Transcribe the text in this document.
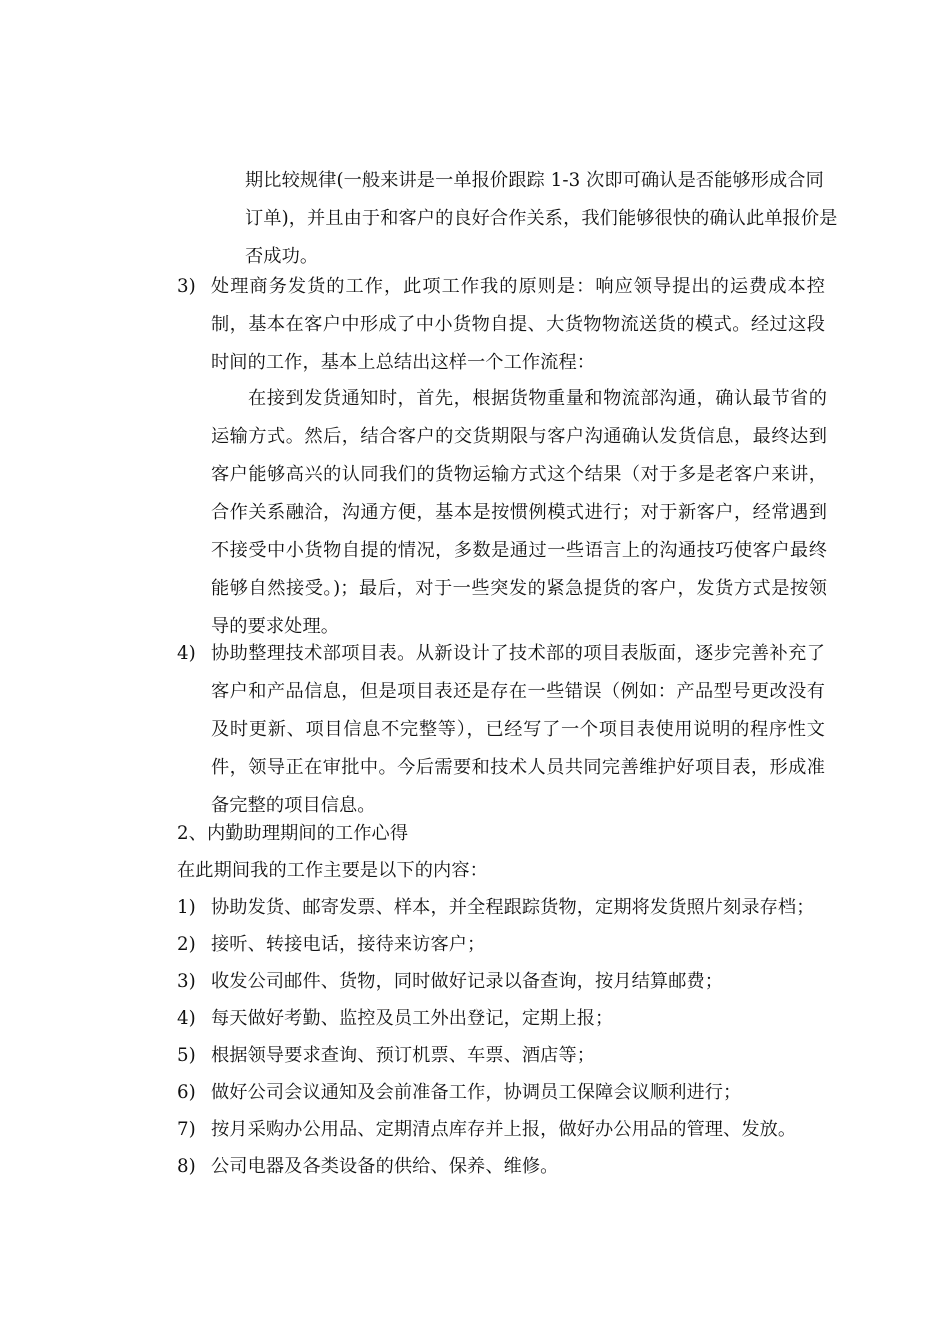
期比较规律(一般来讲是一单报价跟踪 1-3 次即可确认是否能够形成合同订单)，并且由于和客户的良好合作关系，我们能够很快的确认此单报价是否成功。
3) 处理商务发货的工作，此项工作我的原则是：响应领导提出的运费成本控制，基本在客户中形成了中小货物自提、大货物物流送货的模式。经过这段时间的工作，基本上总结出这样一个工作流程：
在接到发货通知时，首先，根据货物重量和物流部沟通，确认最节省的运输方式。然后，结合客户的交货期限与客户沟通确认发货信息，最终达到客户能够高兴的认同我们的货物运输方式这个结果（对于多是老客户来讲，合作关系融洽，沟通方便，基本是按惯例模式进行；对于新客户，经常遇到不接受中小货物自提的情况，多数是通过一些语言上的沟通技巧使客户最终能够自然接受。)；最后，对于一些突发的紧急提货的客户，发货方式是按领导的要求处理。
4) 协助整理技术部项目表。从新设计了技术部的项目表版面，逐步完善补充了客户和产品信息，但是项目表还是存在一些错误（例如：产品型号更改没有及时更新、项目信息不完整等），已经写了一个项目表使用说明的程序性文件，领导正在审批中。今后需要和技术人员共同完善维护好项目表，形成准备完整的项目信息。
2、内勤助理期间的工作心得
在此期间我的工作主要是以下的内容：
1) 协助发货、邮寄发票、样本，并全程跟踪货物，定期将发货照片刻录存档；
2) 接听、转接电话，接待来访客户；
3) 收发公司邮件、货物，同时做好记录以备查询，按月结算邮费；
4) 每天做好考勤、监控及员工外出登记，定期上报；
5) 根据领导要求查询、预订机票、车票、酒店等；
6) 做好公司会议通知及会前准备工作，协调员工保障会议顺利进行；
7) 按月采购办公用品、定期清点库存并上报，做好办公用品的管理、发放。
8) 公司电器及各类设备的供给、保养、维修。
